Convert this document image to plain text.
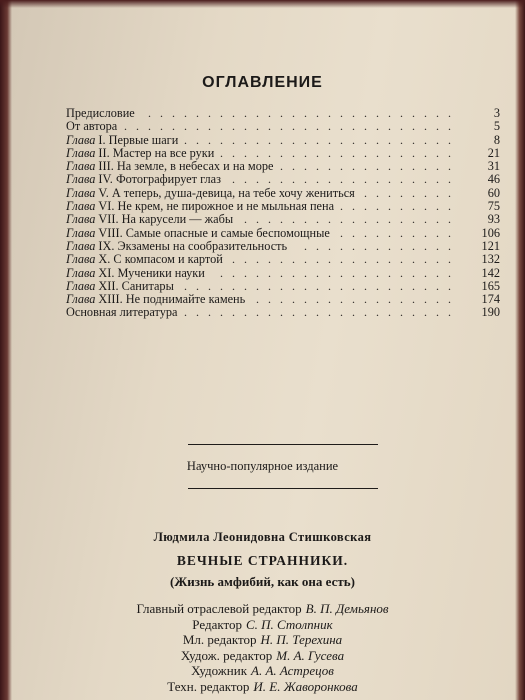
ОГЛАВЛЕНИЕ
Предисловие	3
..........................
От автора	5
............................
Глава I. Первые шаги	8
.......................
Глава II. Мастер на все руки	21
....................
Глава III. На земле, в небесах и на море	31
...............
Глава IV. Фотографирует глаз	46
...................
Глава V. А теперь, душа-девица, на тебе хочу жениться	60
........
Глава VI. Не крем, не пирожное и не мыльная пена	75
..........
Глава VII. На карусели — жабы	93
..................
Глава VIII. Самые опасные и самые беспомощные	106
..........
Глава IX. Экзамены на сообразительность	121
.............
Глава X. С компасом и картой	132
...................
Глава XI. Мученики науки	142
....................
Глава XII. Санитары	165
.......................
Глава XIII. Не поднимайте камень	174
.................
Основная литература	190
.......................
Научно-популярное издание
Людмила Леонидовна Стишковская
ВЕЧНЫЕ СТРАННИКИ.
(Жизнь амфибий, как она есть)
Главный отраслевой редактор В. П. Демьянов
Редактор С. П. Столпник
Мл. редактор Н. П. Терехина
Худож. редактор М. А. Гусева
Художник А. А. Астрецов
Техн. редактор И. Е. Жаворонкова
